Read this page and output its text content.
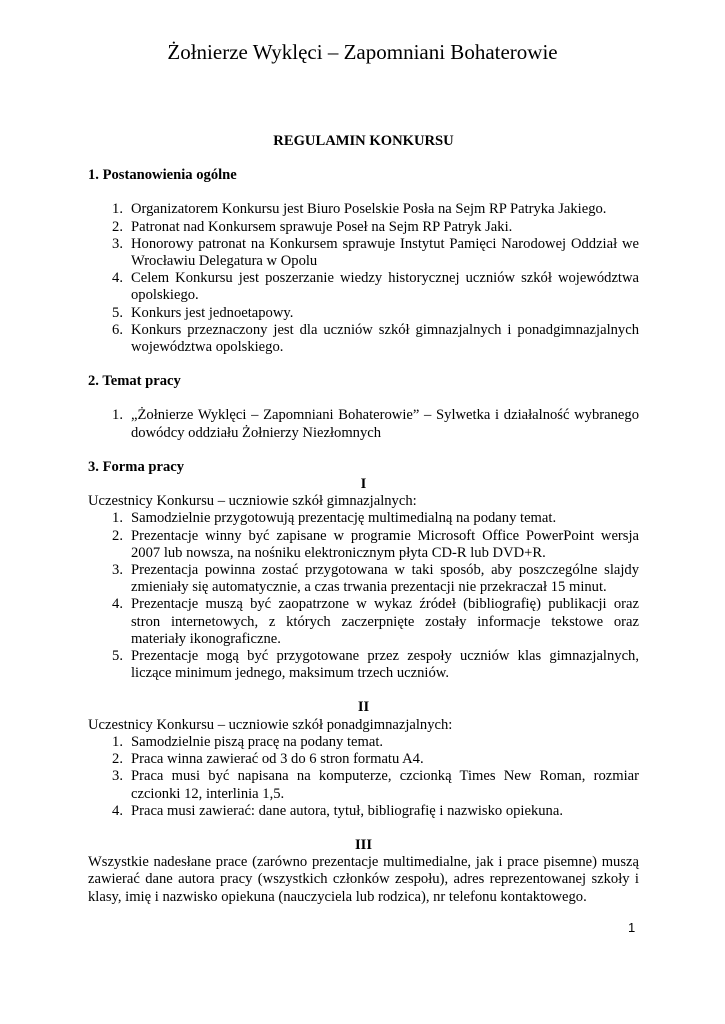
Żołnierze Wyklęci – Zapomniani Bohaterowie

REGULAMIN KONKURSU

1. Postanowienia ogólne

1. Organizatorem Konkursu jest Biuro Poselskie Posła na Sejm RP Patryka Jakiego.
2. Patronat nad Konkursem sprawuje Poseł na Sejm RP Patryk Jaki.
3. Honorowy patronat na Konkursem sprawuje Instytut Pamięci Narodowej Oddział we Wrocławiu Delegatura w Opolu
4. Celem Konkursu jest poszerzanie wiedzy historycznej uczniów szkół województwa opolskiego.
5. Konkurs jest jednoetapowy.
6. Konkurs przeznaczony jest dla uczniów szkół gimnazjalnych i ponadgimnazjalnych województwa opolskiego.

2. Temat pracy

1. „Żołnierze Wyklęci – Zapomniani Bohaterowie” – Sylwetka i działalność wybranego dowódcy oddziału Żołnierzy Niezłomnych

3. Forma pracy

I

Uczestnicy Konkursu – uczniowie szkół gimnazjalnych:

1. Samodzielnie przygotowują prezentację multimedialną na podany temat.
2. Prezentacje winny być zapisane w programie Microsoft Office PowerPoint wersja 2007 lub nowsza, na nośniku elektronicznym płyta CD-R lub DVD+R.
3. Prezentacja powinna zostać przygotowana w taki sposób, aby poszczególne slajdy zmieniały się automatycznie, a czas trwania prezentacji nie przekraczał 15 minut.
4. Prezentacje muszą być zaopatrzone w wykaz źródeł (bibliografię) publikacji oraz stron internetowych, z których zaczerpnięte zostały informacje tekstowe oraz materiały ikonograficzne.
5. Prezentacje mogą być przygotowane przez zespoły uczniów klas gimnazjalnych, liczące minimum jednego, maksimum trzech uczniów.

II

Uczestnicy Konkursu – uczniowie szkół ponadgimnazjalnych:

1. Samodzielnie piszą pracę na podany temat.
2. Praca winna zawierać od 3 do 6 stron formatu A4.
3. Praca musi być napisana na komputerze, czcionką Times New Roman, rozmiar czcionki 12, interlinia 1,5.
4. Praca musi zawierać: dane autora, tytuł, bibliografię i nazwisko opiekuna.

III

Wszystkie nadesłane prace (zarówno prezentacje multimedialne, jak i prace pisemne) muszą zawierać dane autora pracy (wszystkich członków zespołu), adres reprezentowanej szkoły i klasy, imię i nazwisko opiekuna (nauczyciela lub rodzica), nr telefonu kontaktowego.

1
